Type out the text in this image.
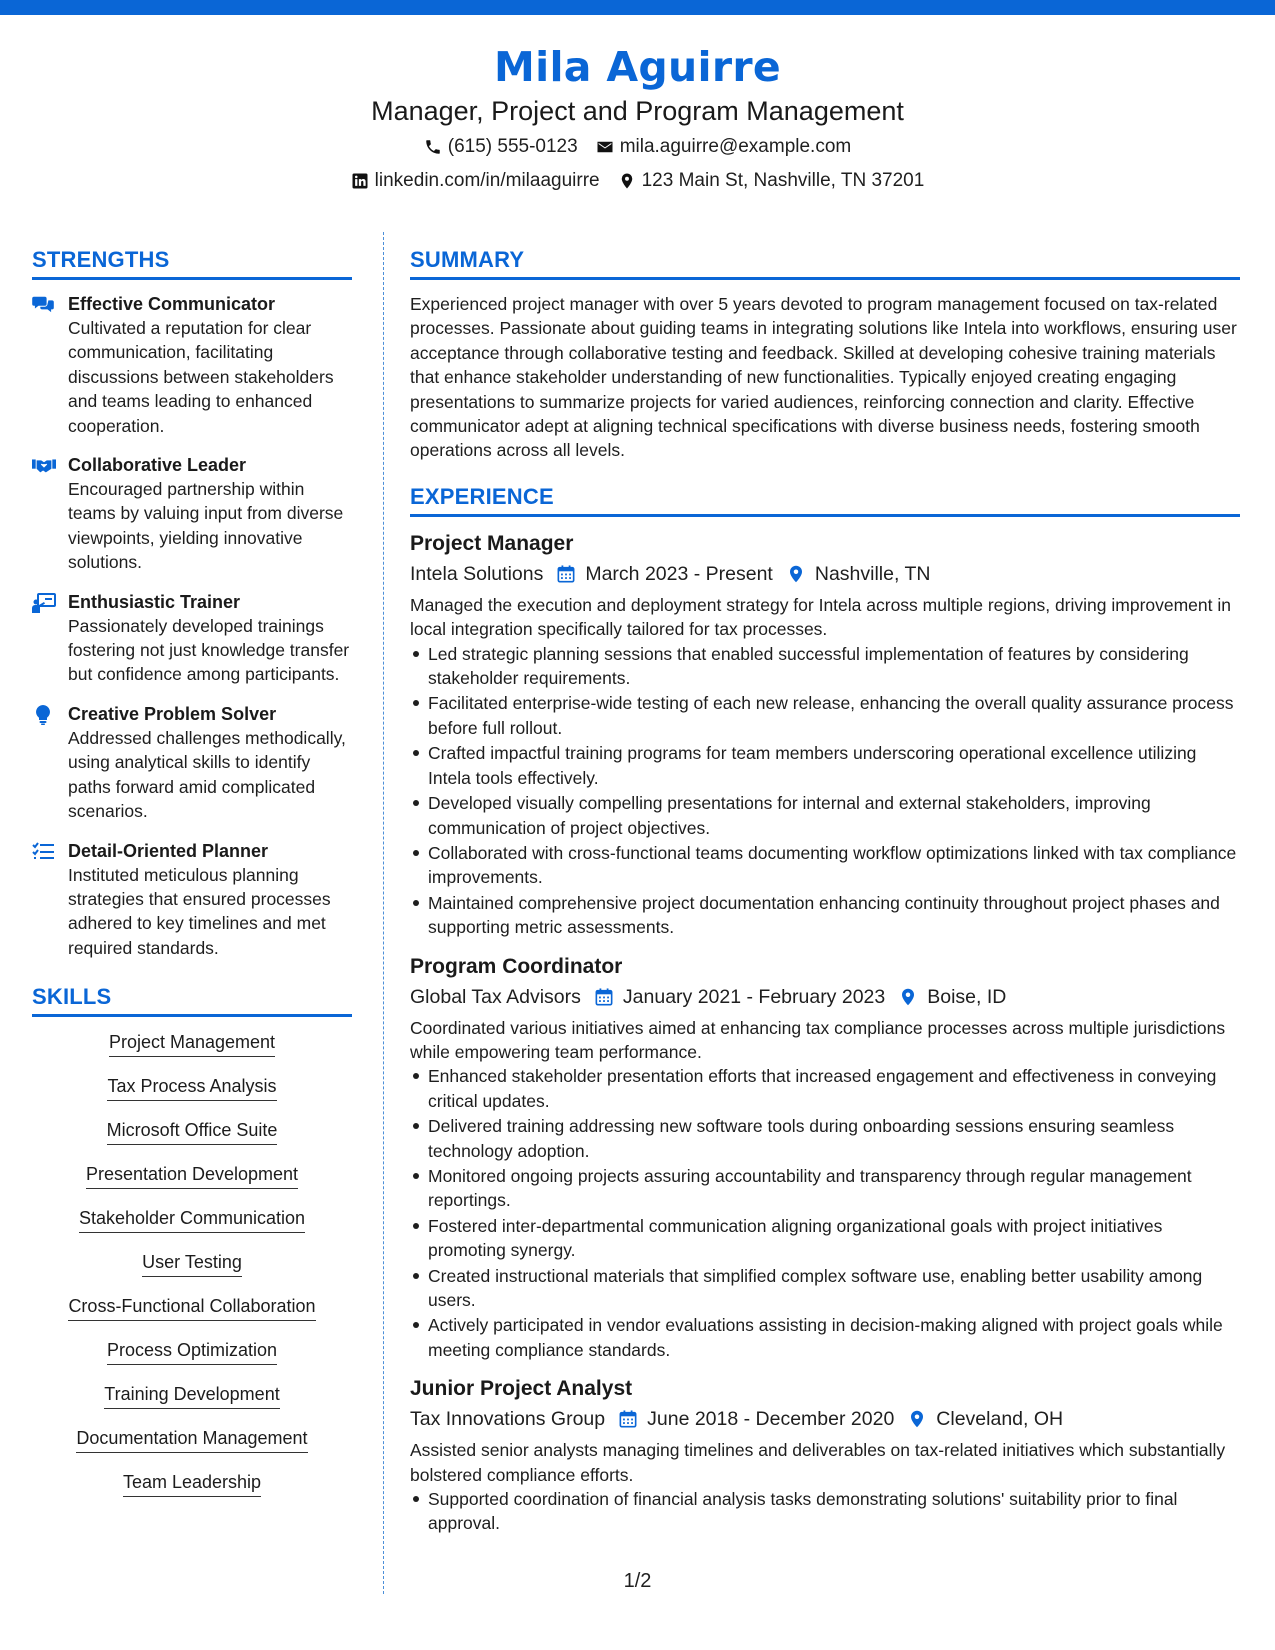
Mila Aguirre
Manager, Project and Program Management
(615) 555-0123 mila.aguirre@example.com
linkedin.com/in/milaaguirre 123 Main St, Nashville, TN 37201
STRENGTHS
Effective Communicator
Cultivated a reputation for clear communication, facilitating discussions between stakeholders and teams leading to enhanced cooperation.
Collaborative Leader
Encouraged partnership within teams by valuing input from diverse viewpoints, yielding innovative solutions.
Enthusiastic Trainer
Passionately developed trainings fostering not just knowledge transfer but confidence among participants.
Creative Problem Solver
Addressed challenges methodically, using analytical skills to identify paths forward amid complicated scenarios.
Detail-Oriented Planner
Instituted meticulous planning strategies that ensured processes adhered to key timelines and met required standards.
SKILLS
Project Management
Tax Process Analysis
Microsoft Office Suite
Presentation Development
Stakeholder Communication
User Testing
Cross-Functional Collaboration
Process Optimization
Training Development
Documentation Management
Team Leadership
SUMMARY
Experienced project manager with over 5 years devoted to program management focused on tax-related processes. Passionate about guiding teams in integrating solutions like Intela into workflows, ensuring user acceptance through collaborative testing and feedback. Skilled at developing cohesive training materials that enhance stakeholder understanding of new functionalities. Typically enjoyed creating engaging presentations to summarize projects for varied audiences, reinforcing connection and clarity. Effective communicator adept at aligning technical specifications with diverse business needs, fostering smooth operations across all levels.
EXPERIENCE
Project Manager
Intela Solutions March 2023 - Present Nashville, TN
Managed the execution and deployment strategy for Intela across multiple regions, driving improvement in local integration specifically tailored for tax processes.
Led strategic planning sessions that enabled successful implementation of features by considering stakeholder requirements.
Facilitated enterprise-wide testing of each new release, enhancing the overall quality assurance process before full rollout.
Crafted impactful training programs for team members underscoring operational excellence utilizing Intela tools effectively.
Developed visually compelling presentations for internal and external stakeholders, improving communication of project objectives.
Collaborated with cross-functional teams documenting workflow optimizations linked with tax compliance improvements.
Maintained comprehensive project documentation enhancing continuity throughout project phases and supporting metric assessments.
Program Coordinator
Global Tax Advisors January 2021 - February 2023 Boise, ID
Coordinated various initiatives aimed at enhancing tax compliance processes across multiple jurisdictions while empowering team performance.
Enhanced stakeholder presentation efforts that increased engagement and effectiveness in conveying critical updates.
Delivered training addressing new software tools during onboarding sessions ensuring seamless technology adoption.
Monitored ongoing projects assuring accountability and transparency through regular management reportings.
Fostered inter-departmental communication aligning organizational goals with project initiatives promoting synergy.
Created instructional materials that simplified complex software use, enabling better usability among users.
Actively participated in vendor evaluations assisting in decision-making aligned with project goals while meeting compliance standards.
Junior Project Analyst
Tax Innovations Group June 2018 - December 2020 Cleveland, OH
Assisted senior analysts managing timelines and deliverables on tax-related initiatives which substantially bolstered compliance efforts.
Supported coordination of financial analysis tasks demonstrating solutions' suitability prior to final approval.
1/2
